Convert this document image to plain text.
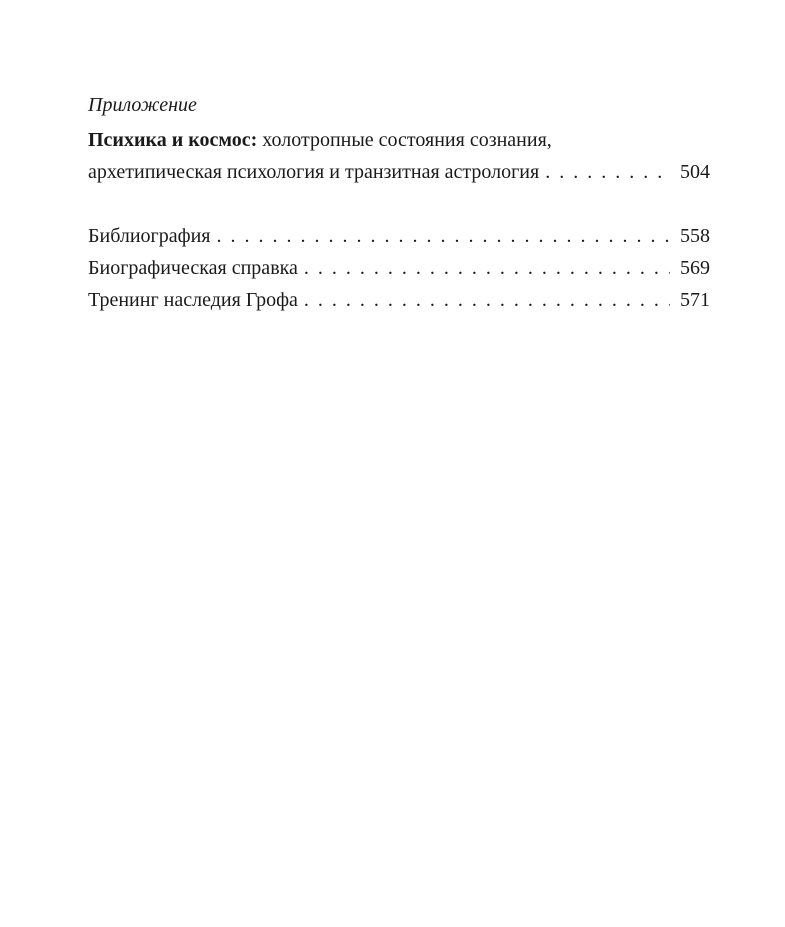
Приложение
Психика и космос: холотропные состояния сознания,
архетипическая психология и транзитная астрология . . .	504
Библиография . . .	558
Биографическая справка . . .	569
Тренинг наследия Грофа . . .	571
